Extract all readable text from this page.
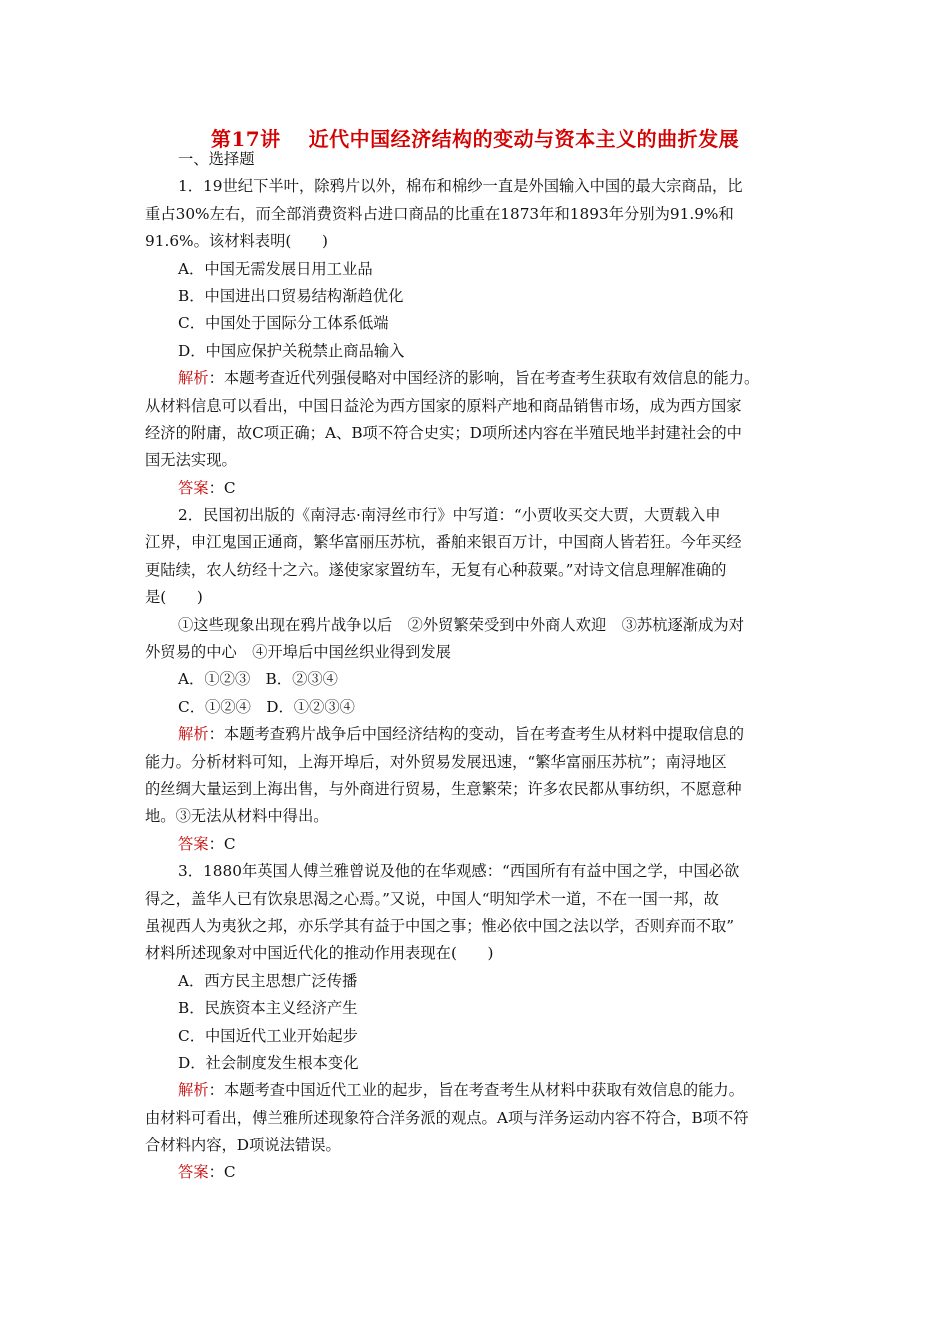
第17讲 近代中国经济结构的变动与资本主义的曲折发展
一、选择题
1．19世纪下半叶，除鸦片以外，棉布和棉纱一直是外国输入中国的最大宗商品，比
重占30%左右，而全部消费资料占进口商品的比重在1873年和1893年分别为91.9%和
91.6%。该材料表明(　　)
A．中国无需发展日用工业品
B．中国进出口贸易结构渐趋优化
C．中国处于国际分工体系低端
D．中国应保护关税禁止商品输入
解析：本题考查近代列强侵略对中国经济的影响，旨在考查考生获取有效信息的能力。
从材料信息可以看出，中国日益沦为西方国家的原料产地和商品销售市场，成为西方国家
经济的附庸，故C项正确；A、B项不符合史实；D项所述内容在半殖民地半封建社会的中
国无法实现。
答案：C
2．民国初出版的《南浔志·南浔丝市行》中写道：“小贾收买交大贾，大贾载入申
江界，申江鬼国正通商，繁华富丽压苏杭，番舶来银百万计，中国商人皆若狂。今年买经
更陆续，农人纺经十之六。遂使家家置纺车，无复有心种菽粟。”对诗文信息理解准确的
是(　　)
①这些现象出现在鸦片战争以后　②外贸繁荣受到中外商人欢迎　③苏杭逐渐成为对
外贸易的中心　④开埠后中国丝织业得到发展
A．①②③　B．②③④
C．①②④　D．①②③④
解析：本题考查鸦片战争后中国经济结构的变动，旨在考查考生从材料中提取信息的
能力。分析材料可知，上海开埠后，对外贸易发展迅速，“繁华富丽压苏杭”；南浔地区
的丝绸大量运到上海出售，与外商进行贸易，生意繁荣；许多农民都从事纺织，不愿意种
地。③无法从材料中得出。
答案：C
3．1880年英国人傅兰雅曾说及他的在华观感：“西国所有有益中国之学，中国必欲
得之，盖华人已有饮泉思渴之心焉。”又说，中国人“明知学术一道，不在一国一邦，故
虽视西人为夷狄之邦，亦乐学其有益于中国之事；惟必依中国之法以学，否则弃而不取”
材料所述现象对中国近代化的推动作用表现在(　　)
A．西方民主思想广泛传播
B．民族资本主义经济产生
C．中国近代工业开始起步
D．社会制度发生根本变化
解析：本题考查中国近代工业的起步，旨在考查考生从材料中获取有效信息的能力。
由材料可看出，傅兰雅所述现象符合洋务派的观点。A项与洋务运动内容不符合，B项不符
合材料内容，D项说法错误。
答案：C
